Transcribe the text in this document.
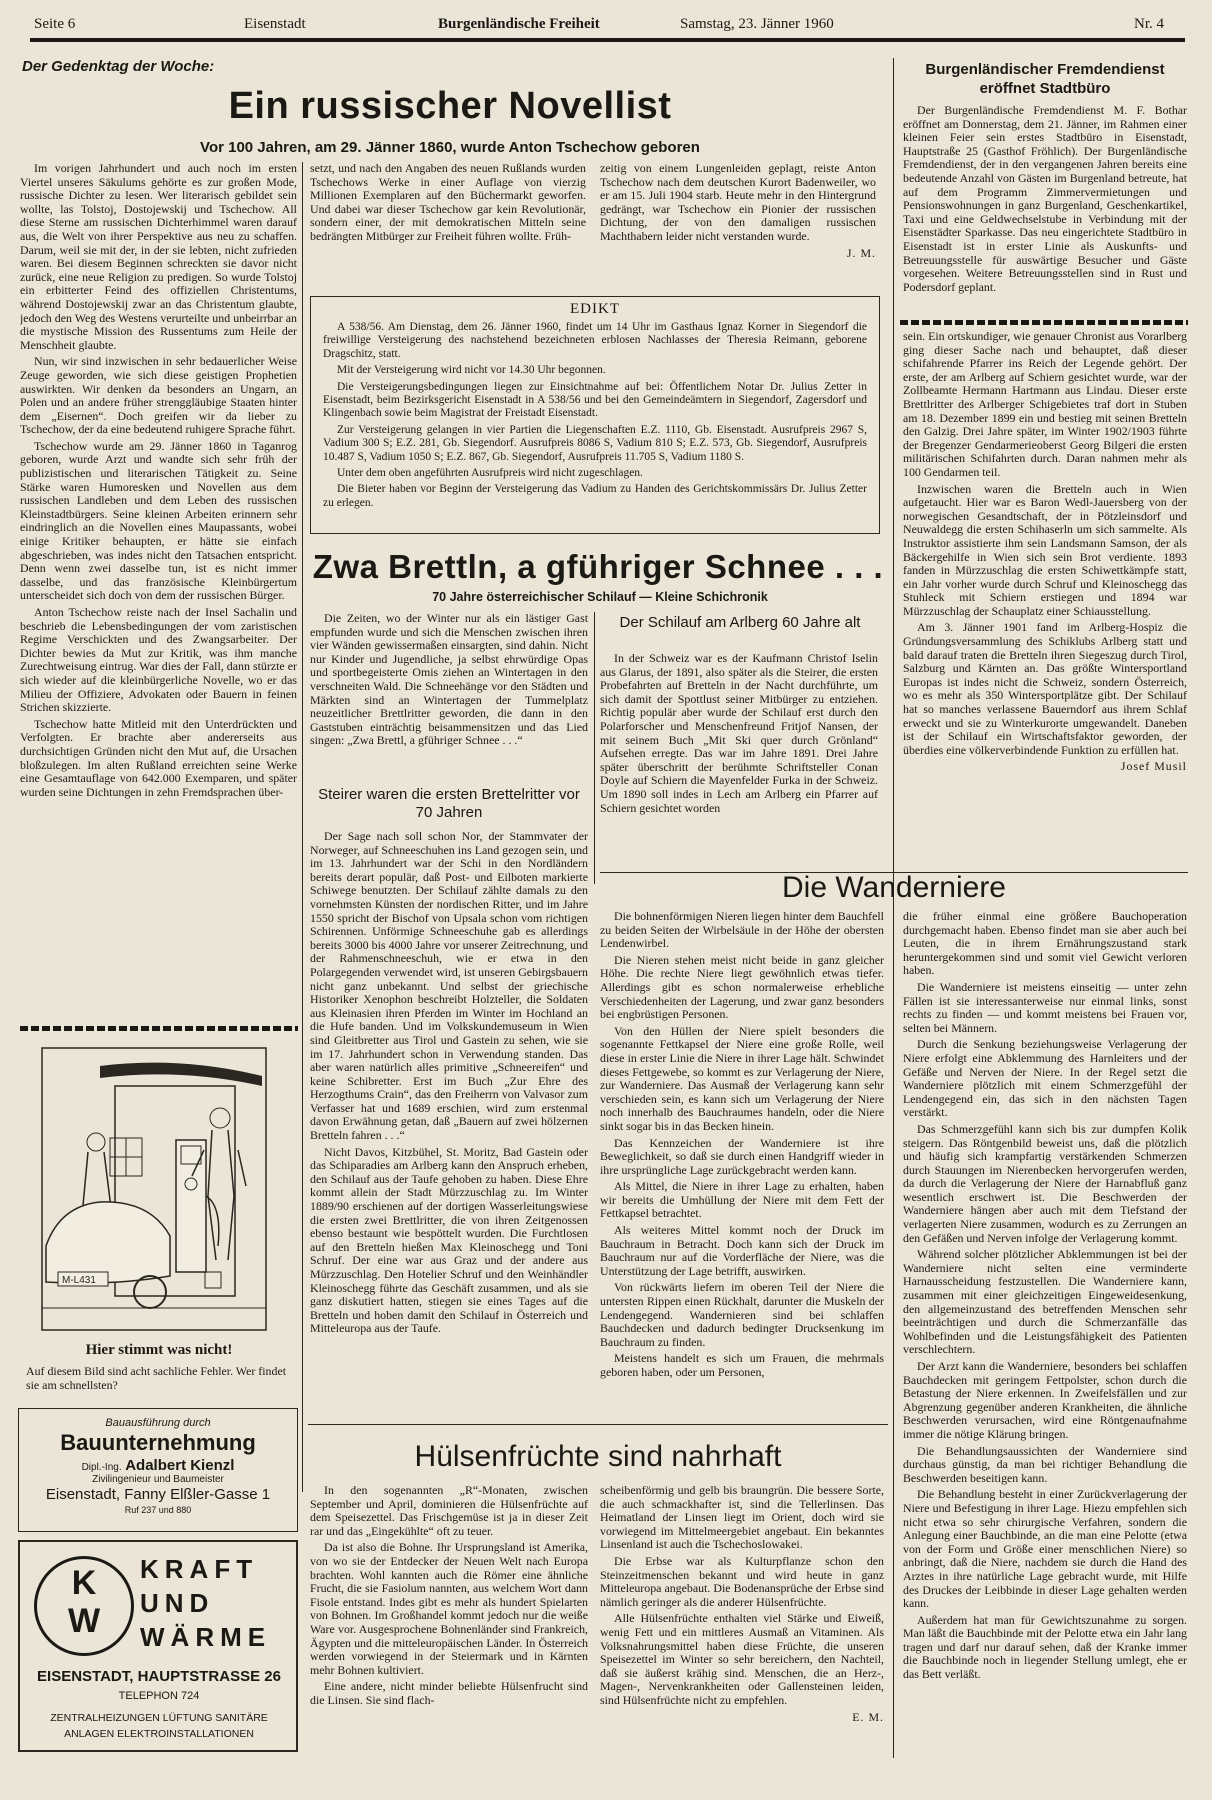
Seite 6	Eisenstadt	Burgenländische Freiheit	Samstag, 23. Jänner 1960	Nr. 4
Der Gedenktag der Woche:
Ein russischer Novellist
Vor 100 Jahren, am 29. Jänner 1860, wurde Anton Tschechow geboren

Im vorigen Jahrhundert und auch noch im ersten Viertel unseres Säkulums gehörte es zur großen Mode, russische Dichter zu lesen. Wer literarisch gebildet sein wollte, las Tolstoj, Dostojewskij und Tschechow. All diese Sterne am russischen Dichterhimmel waren darauf aus, die Welt von ihrer Perspektive aus neu zu schaffen. Darum, weil sie mit der, in der sie lebten, nicht zufrieden waren. Bei diesem Beginnen schreckten sie davor nicht zurück, eine neue Religion zu predigen. So wurde Tolstoj ein erbitterter Feind des offiziellen Christentums, während Dostojewskij zwar an das Christentum glaubte, jedoch den Weg des Westens verurteilte und unbeirrbar an die mystische Mission des Russentums zum Heile der Menschheit glaubte.

Nun, wir sind inzwischen in sehr bedauerlicher Weise Zeuge geworden, wie sich diese geistigen Prophetien auswirkten. Wir denken da besonders an Ungarn, an Polen und an andere früher strenggläubige Staaten hinter dem „Eisernen“. Doch greifen wir da lieber zu Tschechow, der da eine bedeutend ruhigere Sprache führt.

Tschechow wurde am 29. Jänner 1860 in Taganrog geboren, wurde Arzt und wandte sich sehr früh der publizistischen und literarischen Tätigkeit zu. Seine Stärke waren Humoresken und Novellen aus dem russischen Landleben und dem Leben des russischen Kleinstadtbürgers. Seine kleinen Arbeiten erinnern sehr eindringlich an die Novellen eines Maupassants, wobei einige Kritiker behaupten, er hätte sie einfach abgeschrieben, was indes nicht den Tatsachen entspricht. Denn wenn zwei dasselbe tun, ist es nicht immer dasselbe, und das französische Kleinbürgertum unterscheidet sich doch von dem der russischen Bürger.

Anton Tschechow reiste nach der Insel Sachalin und beschrieb die Lebensbedingungen der vom zaristischen Regime Verschickten und des Zwangsarbeiter. Der Dichter bewies da Mut zur Kritik, was ihm manche Zurechtweisung eintrug. War dies der Fall, dann stürzte er sich wieder auf die kleinbürgerliche Novelle, wo er das Milieu der Offiziere, Advokaten oder Bauern in feinen Strichen skizzierte.

Tschechow hatte Mitleid mit den Unterdrückten und Verfolgten. Er brachte aber andererseits aus durchsichtigen Gründen nicht den Mut auf, die Ursachen bloßzulegen. Im alten Rußland erreichten seine Werke eine Gesamtauflage von 642.000 Exemparen, und später wurden seine Dichtungen in zehn Fremdsprachen über-

setzt, und nach den Angaben des neuen Rußlands wurden Tschechows Werke in einer Auflage von vierzig Millionen Exemplaren auf den Büchermarkt geworfen. Und dabei war dieser Tschechow gar kein Revolutionär, sondern einer, der mit demokratischen Mitteln seine bedrängten Mitbürger zur Freiheit führen wollte. Früh-

zeitig von einem Lungenleiden geplagt, reiste Anton Tschechow nach dem deutschen Kurort Badenweiler, wo er am 15. Juli 1904 starb. Heute mehr in den Hintergrund gedrängt, war Tschechow ein Pionier der russischen Dichtung, der von den damaligen russischen Machthabern leider nicht verstanden wurde.

J. M.
EDIKT

A 538/56. Am Dienstag, dem 26. Jänner 1960, findet um 14 Uhr im Gasthaus Ignaz Korner in Siegendorf die freiwillige Versteigerung des nachstehend bezeichneten erblosen Nachlasses der Theresia Reimann, geborene Dragschitz, statt.

Mit der Versteigerung wird nicht vor 14.30 Uhr begonnen.

Die Versteigerungsbedingungen liegen zur Einsichtnahme auf bei: Öffentlichem Notar Dr. Julius Zetter in Eisenstadt, beim Bezirksgericht Eisenstadt in A 538/56 und bei den Gemeindeämtern in Siegendorf, Zagersdorf und Klingenbach sowie beim Magistrat der Freistadt Eisenstadt.

Zur Versteigerung gelangen in vier Partien die Liegenschaften E.Z. 1110, Gb. Eisenstadt. Ausrufpreis 2967 S, Vadium 300 S; E.Z. 281, Gb. Siegendorf. Ausrufpreis 8086 S, Vadium 810 S; E.Z. 573, Gb. Siegendorf, Ausrufpreis 10.487 S, Vadium 1050 S; E.Z. 867, Gb. Siegendorf, Ausrufpreis 11.705 S, Vadium 1180 S.

Unter dem oben angeführten Ausrufpreis wird nicht zugeschlagen.

Die Bieter haben vor Beginn der Versteigerung das Vadium zu Handen des Gerichtskommissärs Dr. Julius Zetter zu erlegen.

Zwa Brettln, a gführiger Schnee . . .
70 Jahre österreichischer Schilauf — Kleine Schichronik

Die Zeiten, wo der Winter nur als ein lästiger Gast empfunden wurde und sich die Menschen zwischen ihren vier Wänden gewissermaßen einsargten, sind dahin. Nicht nur Kinder und Jugendliche, ja selbst ehrwürdige Opas und sportbegeisterte Omis ziehen an Wintertagen in den verschneiten Wald. Die Schneehänge vor den Städten und Märkten sind an Wintertagen der Tummelplatz neuzeitlicher Brettlritter geworden, die dann in den Gaststuben einträchtig beisammensitzen und das Lied singen: „Zwa Brettl, a gführiger Schnee . . .“

Steirer waren die ersten Brettelritter vor 70 Jahren

Der Sage nach soll schon Nor, der Stammvater der Norweger, auf Schneeschuhen ins Land gezogen sein, und im 13. Jahrhundert war der Schi in den Nordländern bereits derart populär, daß Post- und Eilboten markierte Schiwege benutzten. Der Schilauf zählte damals zu den vornehmsten Künsten der nordischen Ritter, und im Jahre 1550 spricht der Bischof von Upsala schon vom richtigen Schirennen. Unförmige Schneeschuhe gab es allerdings bereits 3000 bis 4000 Jahre vor unserer Zeitrechnung, und der Rahmenschneeschuh, wie er etwa in den Polargegenden verwendet wird, ist unseren Gebirgsbauern nicht ganz unbekannt. Und selbst der griechische Historiker Xenophon beschreibt Holzteller, die Soldaten aus Kleinasien ihren Pferden im Winter im Hochland an die Hufe banden. Und im Volkskundemuseum in Wien sind Gleitbretter aus Tirol und Gastein zu sehen, wie sie im 17. Jahrhundert schon in Verwendung standen. Das aber waren natürlich alles primitive „Schneereifen“ und keine Schibretter. Erst im Buch „Zur Ehre des Herzogthums Crain“, das den Freiherrn von Valvasor zum Verfasser hat und 1689 erschien, wird zum erstenmal davon Erwähnung getan, daß „Bauern auf zwei hölzernen Bretteln fahren . . .“

Nicht Davos, Kitzbühel, St. Moritz, Bad Gastein oder das Schiparadies am Arlberg kann den Anspruch erheben, den Schilauf aus der Taufe gehoben zu haben. Diese Ehre kommt allein der Stadt Mürzzuschlag zu. Im Winter 1889/90 erschienen auf der dortigen Wasserleitungswiese die ersten zwei Brettlritter, die von ihren Zeitgenossen ebenso bestaunt wie bespöttelt wurden. Die Furchtlosen auf den Bretteln hießen Max Kleinoschegg und Toni Schruf. Der eine war aus Graz und der andere aus Mürzzuschlag. Den Hotelier Schruf und den Weinhändler Kleinoschegg führte das Geschäft zusammen, und als sie ganz diskutiert hatten, stiegen sie eines Tages auf die Bretteln und hoben damit den Schilauf in Österreich und Mitteleuropa aus der Taufe.

Der Schilauf am Arlberg 60 Jahre alt

In der Schweiz war es der Kaufmann Christof Iselin aus Glarus, der 1891, also später als die Steirer, die ersten Probefahrten auf Bretteln in der Nacht durchführte, um sich damit der Spottlust seiner Mitbürger zu entziehen. Richtig populär aber wurde der Schilauf erst durch den Polarforscher und Menschenfreund Fritjof Nansen, der mit seinem Buch „Mit Ski quer durch Grönland“ Aufsehen erregte. Das war im Jahre 1891. Drei Jahre später überschritt der berühmte Schriftsteller Conan Doyle auf Schiern die Mayenfelder Furka in der Schweiz. Um 1890 soll indes in Lech am Arlberg ein Pfarrer auf Schiern gesichtet worden

Burgenländischer Fremdendienst eröffnet Stadtbüro

Der Burgenländische Fremdendienst M. F. Bothar eröffnet am Donnerstag, dem 21. Jänner, im Rahmen einer kleinen Feier sein erstes Stadtbüro in Eisenstadt, Hauptstraße 25 (Gasthof Fröhlich). Der Burgenländische Fremdendienst, der in den vergangenen Jahren bereits eine bedeutende Anzahl von Gästen im Burgenland betreute, hat auf dem Programm Zimmervermietungen und Pensionswohnungen in ganz Burgenland, Geschenkartikel, Taxi und eine Geldwechselstube in Verbindung mit der Eisenstädter Sparkasse. Das neu eingerichtete Stadtbüro in Eisenstadt ist in erster Linie als Auskunfts- und Betreuungsstelle für auswärtige Besucher und Gäste vorgesehen. Weitere Betreuungsstellen sind in Rust und Podersdorf geplant.

sein. Ein ortskundiger, wie genauer Chronist aus Vorarlberg ging dieser Sache nach und behauptet, daß dieser schifahrende Pfarrer ins Reich der Legende gehört. Der erste, der am Arlberg auf Schiern gesichtet wurde, war der Zollbeamte Hermann Hartmann aus Lindau. Dieser erste Brettlritter des Arlberger Schigebietes traf dort in Stuben am 18. Dezember 1899 ein und bestieg mit seinen Bretteln den Galzig. Drei Jahre später, im Winter 1902/1903 führte der Bregenzer Gendarmerieoberst Georg Bilgeri die ersten militärischen Schifahrten durch. Daran nahmen mehr als 100 Gendarmen teil.

Inzwischen waren die Bretteln auch in Wien aufgetaucht. Hier war es Baron Wedl-Jauersberg von der norwegischen Gesandtschaft, der in Pötzleinsdorf und Neuwaldegg die ersten Schihaserln um sich sammelte. Als Instruktor assistierte ihm sein Landsmann Samson, der als Bäckergehilfe in Wien sich sein Brot verdiente. 1893 fanden in Mürzzuschlag die ersten Schiwettkämpfe statt, ein Jahr vorher wurde durch Schruf und Kleinoschegg das Stuhleck mit Schiern erstiegen und 1894 war Mürzzuschlag der Schauplatz einer Schiausstellung.

Am 3. Jänner 1901 fand im Arlberg-Hospiz die Gründungsversammlung des Schiklubs Arlberg statt und bald darauf traten die Bretteln ihren Siegeszug durch Tirol, Salzburg und Kärnten an. Das größte Wintersportland Europas ist indes nicht die Schweiz, sondern Österreich, wo es mehr als 350 Wintersportplätze gibt. Der Schilauf hat so manches verlassene Bauerndorf aus ihrem Schlaf erweckt und sie zu Winterkurorte umgewandelt. Daneben ist der Schilauf ein Wirtschaftsfaktor geworden, der überdies eine völkerverbindende Funktion zu erfüllen hat.

Josef Musil
Die Wanderniere

Die bohnenförmigen Nieren liegen hinter dem Bauchfell zu beiden Seiten der Wirbelsäule in der Höhe der obersten Lendenwirbel.

Die Nieren stehen meist nicht beide in ganz gleicher Höhe. Die rechte Niere liegt gewöhnlich etwas tiefer. Allerdings gibt es schon normalerweise erhebliche Verschiedenheiten der Lagerung, und zwar ganz besonders bei engbrüstigen Personen.

Von den Hüllen der Niere spielt besonders die sogenannte Fettkapsel der Niere eine große Rolle, weil diese in erster Linie die Niere in ihrer Lage hält. Schwindet dieses Fettgewebe, so kommt es zur Verlagerung der Niere, zur Wanderniere. Das Ausmaß der Verlagerung kann sehr verschieden sein, es kann sich um Verlagerung der Niere noch innerhalb des Bauchraumes handeln, oder die Niere sinkt sogar bis in das Becken hinein.

Das Kennzeichen der Wanderniere ist ihre Beweglichkeit, so daß sie durch einen Handgriff wieder in ihre ursprüngliche Lage zurückgebracht werden kann.

Als Mittel, die Niere in ihrer Lage zu erhalten, haben wir bereits die Umhüllung der Niere mit dem Fett der Fettkapsel betrachtet.

Als weiteres Mittel kommt noch der Druck im Bauchraum in Betracht. Doch kann sich der Druck im Bauchraum nur auf die Vorderfläche der Niere, was die Unterstützung der Lage betrifft, auswirken.

Von rückwärts liefern im oberen Teil der Niere die untersten Rippen einen Rückhalt, darunter die Muskeln der Lendengegend. Wandernieren sind bei schlaffen Bauchdecken und dadurch bedingter Drucksenkung im Bauchraum zu finden.

Meistens handelt es sich um Frauen, die mehrmals geboren haben, oder um Personen,

die früher einmal eine größere Bauchoperation durchgemacht haben. Ebenso findet man sie aber auch bei Leuten, die in ihrem Ernährungszustand stark heruntergekommen sind und somit viel Gewicht verloren haben.

Die Wanderniere ist meistens einseitig — unter zehn Fällen ist sie interessanterweise nur einmal links, sonst rechts zu finden — und kommt meistens bei Frauen vor, selten bei Männern.

Durch die Senkung beziehungsweise Verlagerung der Niere erfolgt eine Abklemmung des Harnleiters und der Gefäße und Nerven der Niere. In der Regel setzt die Wanderniere plötzlich mit einem Schmerzgefühl der Lendengegend ein, das sich in den nächsten Tagen verstärkt.

Das Schmerzgefühl kann sich bis zur dumpfen Kolik steigern. Das Röntgenbild beweist uns, daß die plötzlich und häufig sich krampfartig verstärkenden Schmerzen durch Stauungen im Nierenbecken hervorgerufen werden, da durch die Verlagerung der Niere der Harnabfluß ganz wesentlich erschwert ist. Die Beschwerden der Wanderniere hängen aber auch mit dem Tiefstand der verlagerten Niere zusammen, wodurch es zu Zerrungen an den Gefäßen und Nerven infolge der Verlagerung kommt.

Während solcher plötzlicher Abklemmungen ist bei der Wanderniere nicht selten eine verminderte Harnausscheidung festzustellen. Die Wanderniere kann, zusammen mit einer gleichzeitigen Eingeweidesenkung, den allgemeinzustand des betreffenden Menschen sehr beeinträchtigen und durch die Schmerzanfälle das Wohlbefinden und die Leistungsfähigkeit des Patienten verschlechtern.

Der Arzt kann die Wanderniere, besonders bei schlaffen Bauchdecken mit geringem Fettpolster, schon durch die Betastung der Niere erkennen. In Zweifelsfällen und zur Abgrenzung gegenüber anderen Krankheiten, die ähnliche Beschwerden verursachen, wird eine Röntgenaufnahme immer die nötige Klärung bringen.

Die Behandlungsaussichten der Wanderniere sind durchaus günstig, da man bei richtiger Behandlung die Beschwerden beseitigen kann.

Die Behandlung besteht in einer Zurückverlagerung der Niere und Befestigung in ihrer Lage. Hiezu empfehlen sich nicht etwa so sehr chirurgische Verfahren, sondern die Anlegung einer Bauchbinde, an die man eine Pelotte (etwa von der Form und Größe einer menschlichen Niere) so anbringt, daß die Niere, nachdem sie durch die Hand des Arztes in ihre natürliche Lage gebracht wurde, mit Hilfe des Druckes der Leibbinde in dieser Lage gehalten werden kann.

Außerdem hat man für Gewichtszunahme zu sorgen. Man läßt die Bauchbinde mit der Pelotte etwa ein Jahr lang tragen und darf nur darauf sehen, daß der Kranke immer die Bauchbinde noch in liegender Stellung umlegt, ehe er das Bett verläßt.

Hülsenfrüchte sind nahrhaft

In den sogenannten „R“-Monaten, zwischen September und April, dominieren die Hülsenfrüchte auf dem Speisezettel. Das Frischgemüse ist ja in dieser Zeit rar und das „Eingekühlte“ oft zu teuer.

Da ist also die Bohne. Ihr Ursprungsland ist Amerika, von wo sie der Entdecker der Neuen Welt nach Europa brachten. Wohl kannten auch die Römer eine ähnliche Frucht, die sie Fasiolum nannten, aus welchem Wort dann Fisole entstand. Indes gibt es mehr als hundert Spielarten von Bohnen. Im Großhandel kommt jedoch nur die weiße Ware vor. Ausgesprochene Bohnenländer sind Frankreich, Ägypten und die mitteleuropäischen Länder. In Österreich werden vorwiegend in der Steiermark und in Kärnten mehr Bohnen kultiviert.

Eine andere, nicht minder beliebte Hülsenfrucht sind die Linsen. Sie sind flach-

scheibenförmig und gelb bis braungrün. Die bessere Sorte, die auch schmackhafter ist, sind die Tellerlinsen. Das Heimatland der Linsen liegt im Orient, doch wird sie vorwiegend im Mittelmeergebiet angebaut. Ein bekanntes Linsenland ist auch die Tschechoslowakei.

Die Erbse war als Kulturpflanze schon den Steinzeitmenschen bekannt und wird heute in ganz Mitteleuropa angebaut. Die Bodenansprüche der Erbse sind nämlich geringer als die anderer Hülsenfrüchte.

Alle Hülsenfrüchte enthalten viel Stärke und Eiweiß, wenig Fett und ein mittleres Ausmaß an Vitaminen. Als Volksnahrungsmittel haben diese Früchte, die unseren Speisezettel im Winter so sehr bereichern, den Nachteil, daß sie äußerst krähig sind. Menschen, die an Herz-, Magen-, Nervenkrankheiten oder Gallensteinen leiden, sind Hülsenfrüchte nicht zu empfehlen.

E. M.
M-L431
Hier stimmt was nicht!
Auf diesem Bild sind acht sachliche Fehler. Wer findet sie am schnellsten?
Bauausführung durch
Bauunternehmung
Dipl.-Ing. Adalbert Kienzl
Zivilingenieur und Baumeister
Eisenstadt, Fanny Elßler-Gasse 1
Ruf 237 und 880
K
W
KRAFT
UND
WÄRME
EISENSTADT, HAUPTSTRASSE 26
TELEPHON 724
ZENTRALHEIZUNGEN LÜFTUNG SANITÄRE
ANLAGEN ELEKTROINSTALLATIONEN
